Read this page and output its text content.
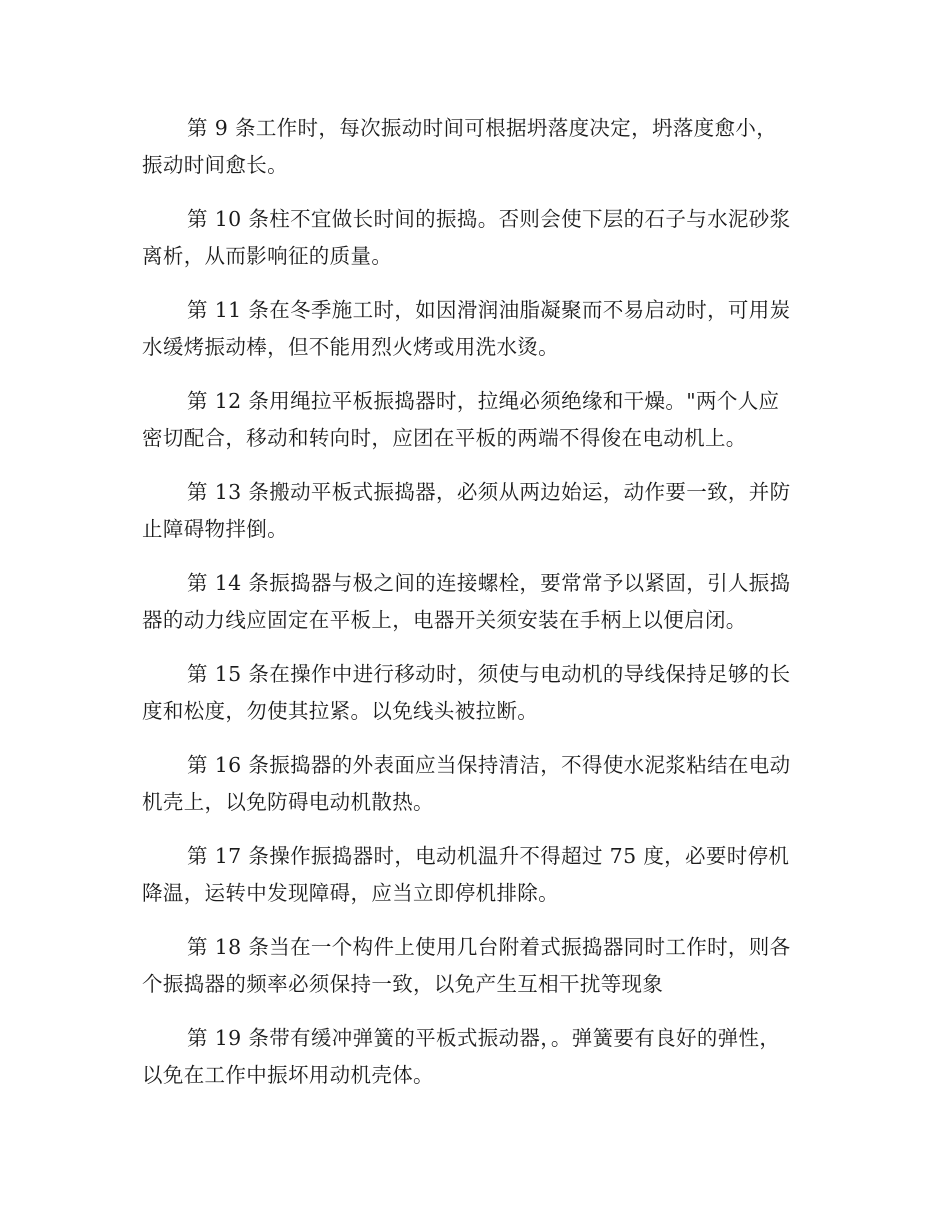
第 9 条工作时，每次振动时间可根据坍落度决定，坍落度愈小，
振动时间愈长。

第 10 条柱不宜做长时间的振捣。否则会使下层的石子与水泥砂浆
离析，从而影响征的质量。

第 11 条在冬季施工时，如因滑润油脂凝聚而不易启动时，可用炭
水缓烤振动棒，但不能用烈火烤或用洗水烫。

第 12 条用绳拉平板振捣器时，拉绳必须绝缘和干燥。"两个人应
密切配合，移动和转向时，应团在平板的两端不得俊在电动机上。

第 13 条搬动平板式振捣器，必须从两边始运，动作要一致，并防
止障碍物拌倒。

第 14 条振捣器与极之间的连接螺栓，要常常予以紧固，引人振捣
器的动力线应固定在平板上，电器开关须安装在手柄上以便启闭。

第 15 条在操作中进行移动时，须使与电动机的导线保持足够的长
度和松度，勿使其拉紧。以免线头被拉断。

第 16 条振捣器的外表面应当保持清洁，不得使水泥浆粘结在电动
机壳上，以免防碍电动机散热。

第 17 条操作振捣器时，电动机温升不得超过 75 度，必要时停机
降温，运转中发现障碍，应当立即停机排除。

第 18 条当在一个构件上使用几台附着式振捣器同时工作时，则各
个振捣器的频率必须保持一致，以免产生互相干扰等现象

第 19 条带有缓冲弹簧的平板式振动器，。弹簧要有良好的弹性，
以免在工作中振坏用动机壳体。
